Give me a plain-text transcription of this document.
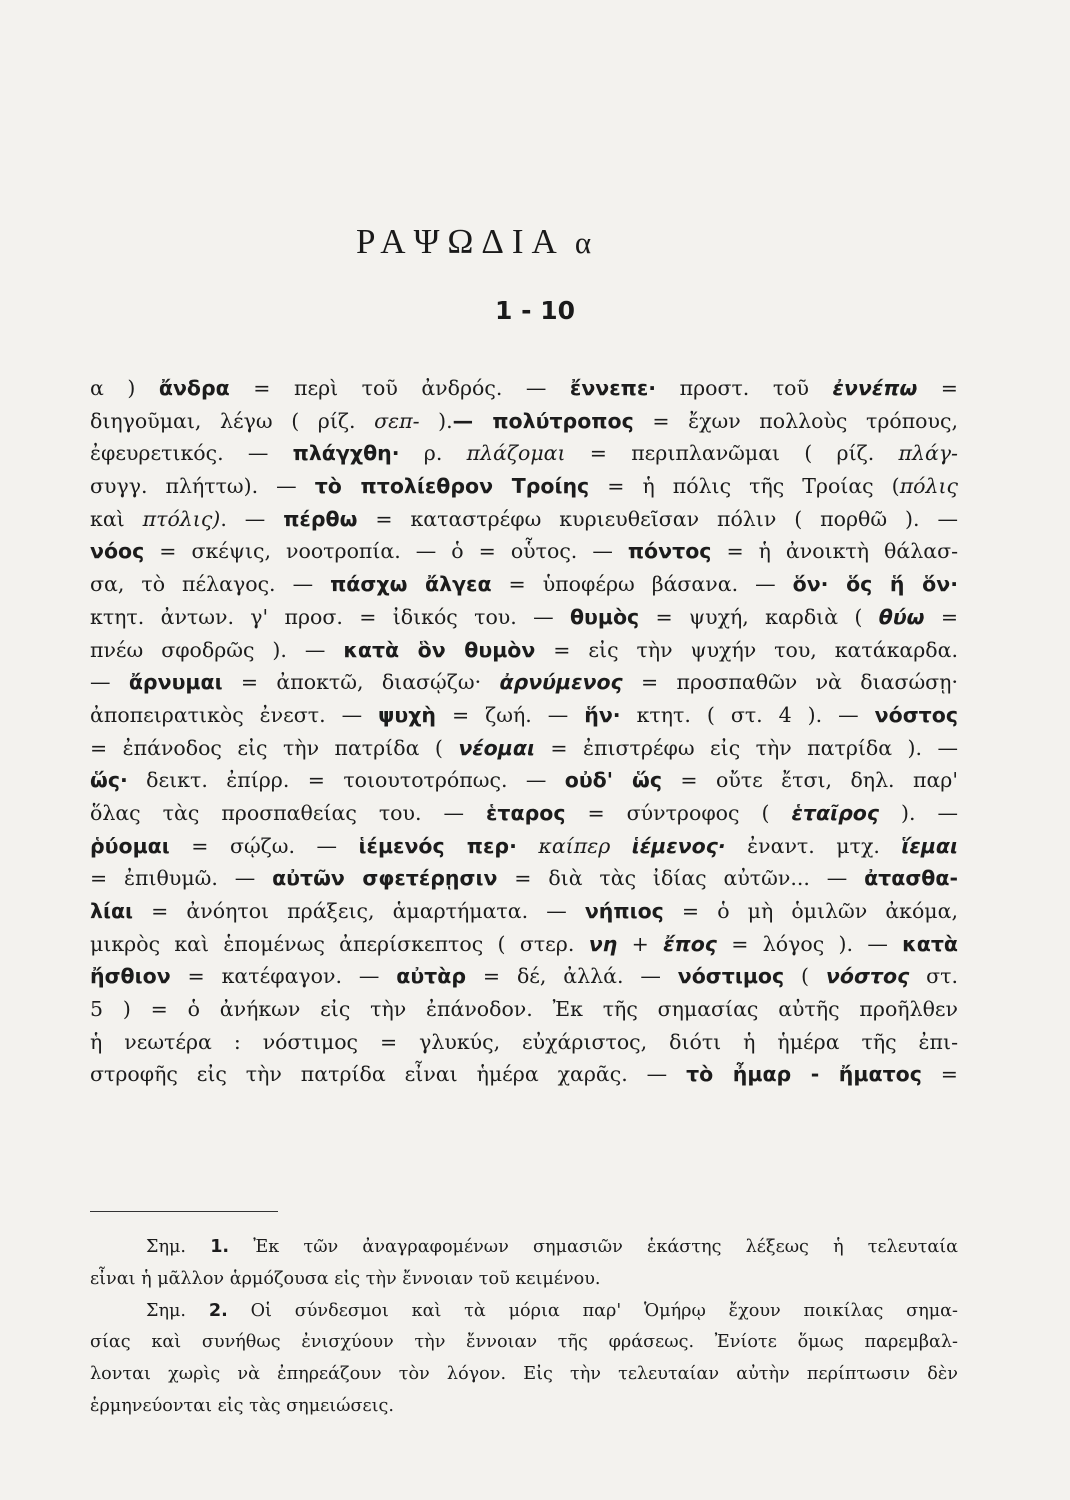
ΡΑΨΩΔΙΑ α
1 - 10
α ) ἄνδρα = περὶ τοῦ ἀνδρός. — ἔννεπε· προστ. τοῦ ἐννέπω =
διηγοῦμαι, λέγω ( ρίζ. σεπ- ).— πολύτροπος = ἔχων πολλοὺς τρόπους,
ἐφευρετικός. — πλάγχθη· ρ. πλάζομαι = περιπλανῶμαι ( ρίζ. πλάγ-
συγγ. πλήττω). — τὸ πτολίεθρον Τροίης = ἡ πόλις τῆς Τροίας (πόλις
καὶ πτόλις). — πέρθω = καταστρέφω κυριευθεῖσαν πόλιν ( πορθῶ ). —
νόος = σκέψις, νοοτροπία. — ὁ = οὗτος. — πόντος = ἡ ἀνοικτὴ θάλασ-
σα, τὸ πέλαγος. — πάσχω ἄλγεα = ὑποφέρω βάσανα. — ὅν· ὅς ἥ ὅν·
κτητ. ἀντων. γ' προσ. = ἰδικός του. — θυμὸς = ψυχή, καρδιὰ ( θύω =
πνέω σφοδρῶς ). — κατὰ ὃν θυμὸν = εἰς τὴν ψυχήν του, κατάκαρδα.
— ἄρνυμαι = ἀποκτῶ, διασῴζω· ἀρνύμενος = προσπαθῶν νὰ διασώσῃ·
ἀποπειρατικὸς ἐνεστ. — ψυχὴ = ζωή. — ἥν· κτητ. ( στ. 4 ). — νόστος
= ἐπάνοδος εἰς τὴν πατρίδα ( νέομαι = ἐπιστρέφω εἰς τὴν πατρίδα ). —
ὥς· δεικτ. ἐπίρρ. = τοιουτοτρόπως. — οὐδ' ὥς = οὔτε ἔτσι, δηλ. παρ'
ὅλας τὰς προσπαθείας του. — ἑταρος = σύντροφος ( ἑταῖρος ). —
ῥύομαι = σῴζω. — ἱέμενός περ· καίπερ ἱέμενος· ἐναντ. μτχ. ἵεμαι
= ἐπιθυμῶ. — αὐτῶν σφετέρῃσιν = διὰ τὰς ἰδίας αὐτῶν... — ἀτασθα-
λίαι = ἀνόητοι πράξεις, ἁμαρτήματα. — νήπιος = ὁ μὴ ὁμιλῶν ἀκόμα,
μικρὸς καὶ ἑπομένως ἀπερίσκεπτος ( στερ. νη + ἔπος = λόγος ). — κατὰ
ἤσθιον = κατέφαγον. — αὐτὰρ = δέ, ἀλλά. — νόστιμος ( νόστος στ.
5 ) = ὁ ἀνήκων εἰς τὴν ἐπάνοδον. Ἐκ τῆς σημασίας αὐτῆς προῆλθεν
ἡ νεωτέρα : νόστιμος = γλυκύς, εὐχάριστος, διότι ἡ ἡμέρα τῆς ἐπι-
στροφῆς εἰς τὴν πατρίδα εἶναι ἡμέρα χαρᾶς. — τὸ ἦμαρ - ἤματος =
Σημ. 1. Ἐκ τῶν ἀναγραφομένων σημασιῶν ἑκάστης λέξεως ἡ τελευταία
εἶναι ἡ μᾶλλον ἁρμόζουσα εἰς τὴν ἔννοιαν τοῦ κειμένου.
Σημ. 2. Οἱ σύνδεσμοι καὶ τὰ μόρια παρ' Ὁμήρῳ ἔχουν ποικίλας σημα-
σίας καὶ συνήθως ἐνισχύουν τὴν ἔννοιαν τῆς φράσεως. Ἐνίοτε ὅμως παρεμβαλ-
λονται χωρὶς νὰ ἐπηρεάζουν τὸν λόγον. Εἰς τὴν τελευταίαν αὐτὴν περίπτωσιν δὲν
ἑρμηνεύονται εἰς τὰς σημειώσεις.
